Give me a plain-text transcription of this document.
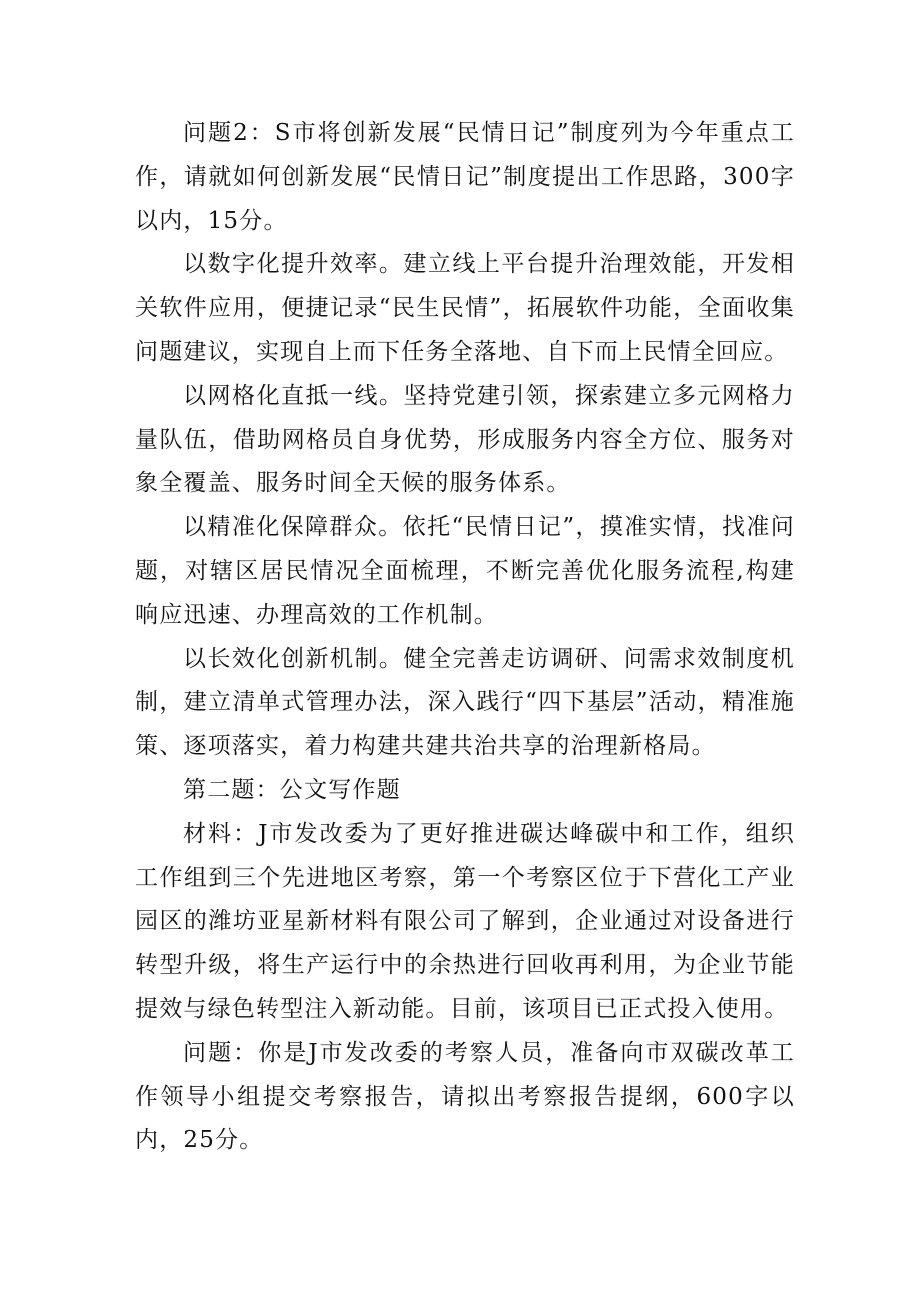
问题2：S市将创新发展“民情日记”制度列为今年重点工作，请就如何创新发展“民情日记”制度提出工作思路，300字以内，15分。

以数字化提升效率。建立线上平台提升治理效能，开发相关软件应用，便捷记录“民生民情”，拓展软件功能，全面收集问题建议，实现自上而下任务全落地、自下而上民情全回应。

以网格化直抵一线。坚持党建引领，探索建立多元网格力量队伍，借助网格员自身优势，形成服务内容全方位、服务对象全覆盖、服务时间全天候的服务体系。

以精准化保障群众。依托“民情日记”，摸准实情，找准问题，对辖区居民情况全面梳理，不断完善优化服务流程,构建响应迅速、办理高效的工作机制。

以长效化创新机制。健全完善走访调研、问需求效制度机制，建立清单式管理办法，深入践行“四下基层”活动，精准施策、逐项落实，着力构建共建共治共享的治理新格局。

第二题：公文写作题

材料：J市发改委为了更好推进碳达峰碳中和工作，组织工作组到三个先进地区考察，第一个考察区位于下营化工产业园区的潍坊亚星新材料有限公司了解到，企业通过对设备进行转型升级，将生产运行中的余热进行回收再利用，为企业节能提效与绿色转型注入新动能。目前，该项目已正式投入使用。

问题：你是J市发改委的考察人员，准备向市双碳改革工作领导小组提交考察报告，请拟出考察报告提纲，600字以内，25分。
